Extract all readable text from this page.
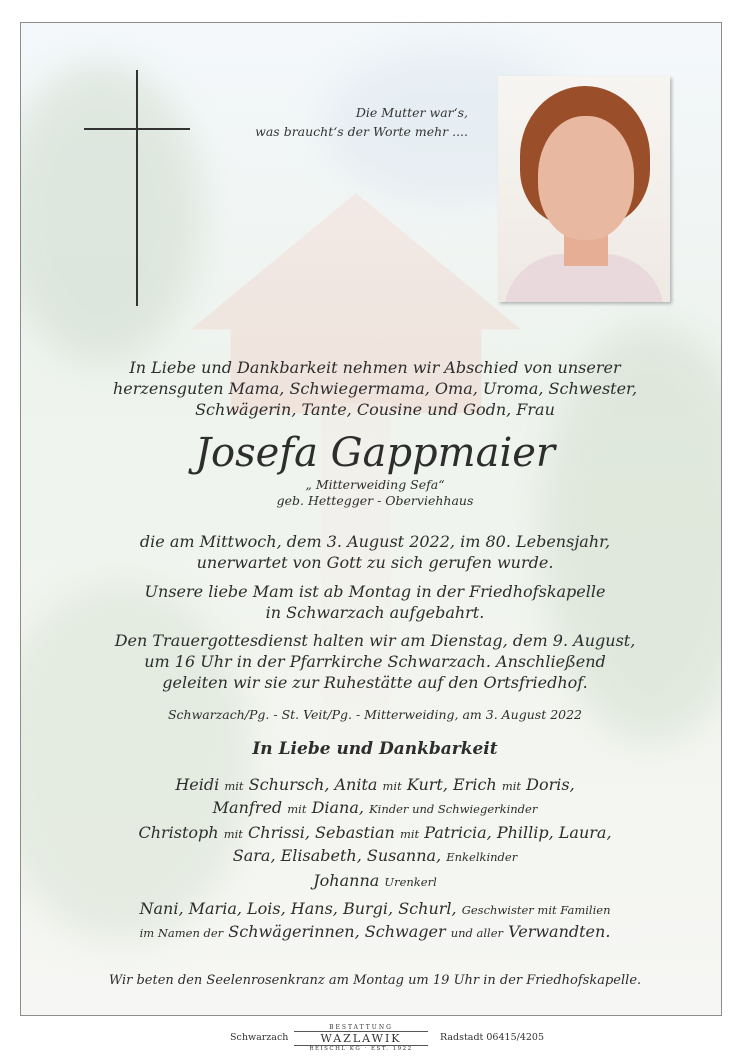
Die Mutter war‘s,
was braucht‘s der Worte mehr ....
In Liebe und Dankbarkeit nehmen wir Abschied von unserer
herzensguten Mama, Schwiegermama, Oma, Uroma, Schwester,
Schwägerin, Tante, Cousine und Godn, Frau
Josefa Gappmaier
„ Mitterweiding Sefa“
geb. Hettegger - Oberviehhaus
die am Mittwoch, dem 3. August 2022, im 80. Lebensjahr,
unerwartet von Gott zu sich gerufen wurde.
Unsere liebe Mam ist ab Montag in der Friedhofskapelle
in Schwarzach aufgebahrt.
Den Trauergottesdienst halten wir am Dienstag, dem 9. August,
um 16 Uhr in der Pfarrkirche Schwarzach. Anschließend
geleiten wir sie zur Ruhestätte auf den Ortsfriedhof.
Schwarzach/Pg. - St. Veit/Pg. - Mitterweiding, am 3. August 2022
In Liebe und Dankbarkeit
Heidi mit Schursch, Anita mit Kurt, Erich mit Doris,
Manfred mit Diana, Kinder und Schwiegerkinder
Christoph mit Chrissi, Sebastian mit Patricia, Phillip, Laura,
Sara, Elisabeth, Susanna, Enkelkinder
Johanna Urenkerl
Nani, Maria, Lois, Hans, Burgi, Schurl, Geschwister mit Familien
im Namen der Schwägerinnen, Schwager und aller Verwandten.
Wir beten den Seelenrosenkranz am Montag um 19 Uhr in der Friedhofskapelle.
Schwarzach
BESTATTUNG
WAZLAWIK
REISCHL KG · EST. 1922
Radstadt 06415/4205
